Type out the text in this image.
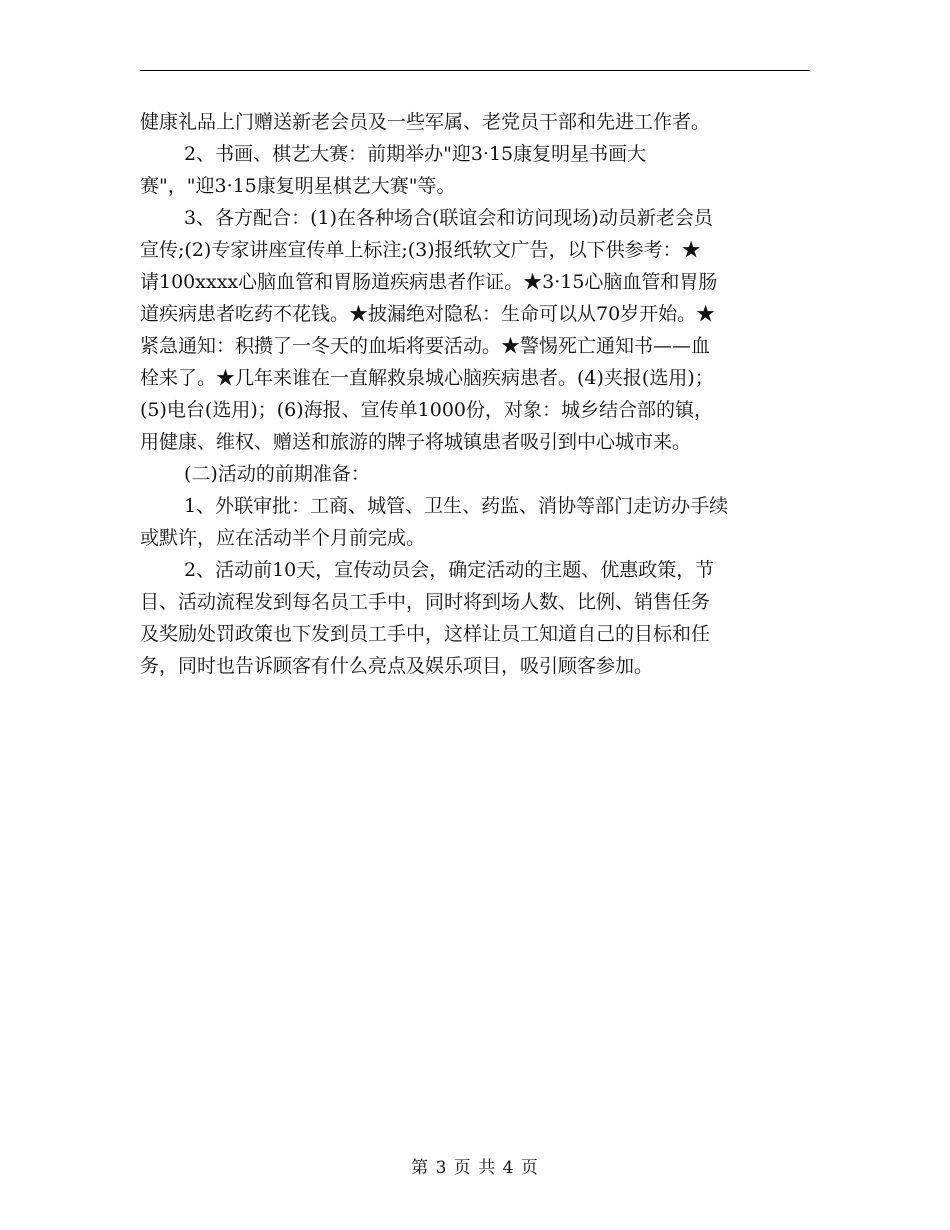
健康礼品上门赠送新老会员及一些军属、老党员干部和先进工作者。
2、书画、棋艺大赛：前期举办"迎3·15康复明星书画大
赛"，"迎3·15康复明星棋艺大赛"等。
3、各方配合：(1)在各种场合(联谊会和访问现场)动员新老会员
宣传;(2)专家讲座宣传单上标注;(3)报纸软文广告，以下供参考：★
请100xxxx心脑血管和胃肠道疾病患者作证。★3·15心脑血管和胃肠
道疾病患者吃药不花钱。★披漏绝对隐私：生命可以从70岁开始。★
紧急通知：积攒了一冬天的血垢将要活动。★警惕死亡通知书——血
栓来了。★几年来谁在一直解救泉城心脑疾病患者。(4)夹报(选用)；
(5)电台(选用)；(6)海报、宣传单1000份，对象：城乡结合部的镇，
用健康、维权、赠送和旅游的牌子将城镇患者吸引到中心城市来。
(二)活动的前期准备：
1、外联审批：工商、城管、卫生、药监、消协等部门走访办手续
或默许，应在活动半个月前完成。
2、活动前10天，宣传动员会，确定活动的主题、优惠政策，节
目、活动流程发到每名员工手中，同时将到场人数、比例、销售任务
及奖励处罚政策也下发到员工手中，这样让员工知道自己的目标和任
务，同时也告诉顾客有什么亮点及娱乐项目，吸引顾客参加。
第 3 页 共 4 页
